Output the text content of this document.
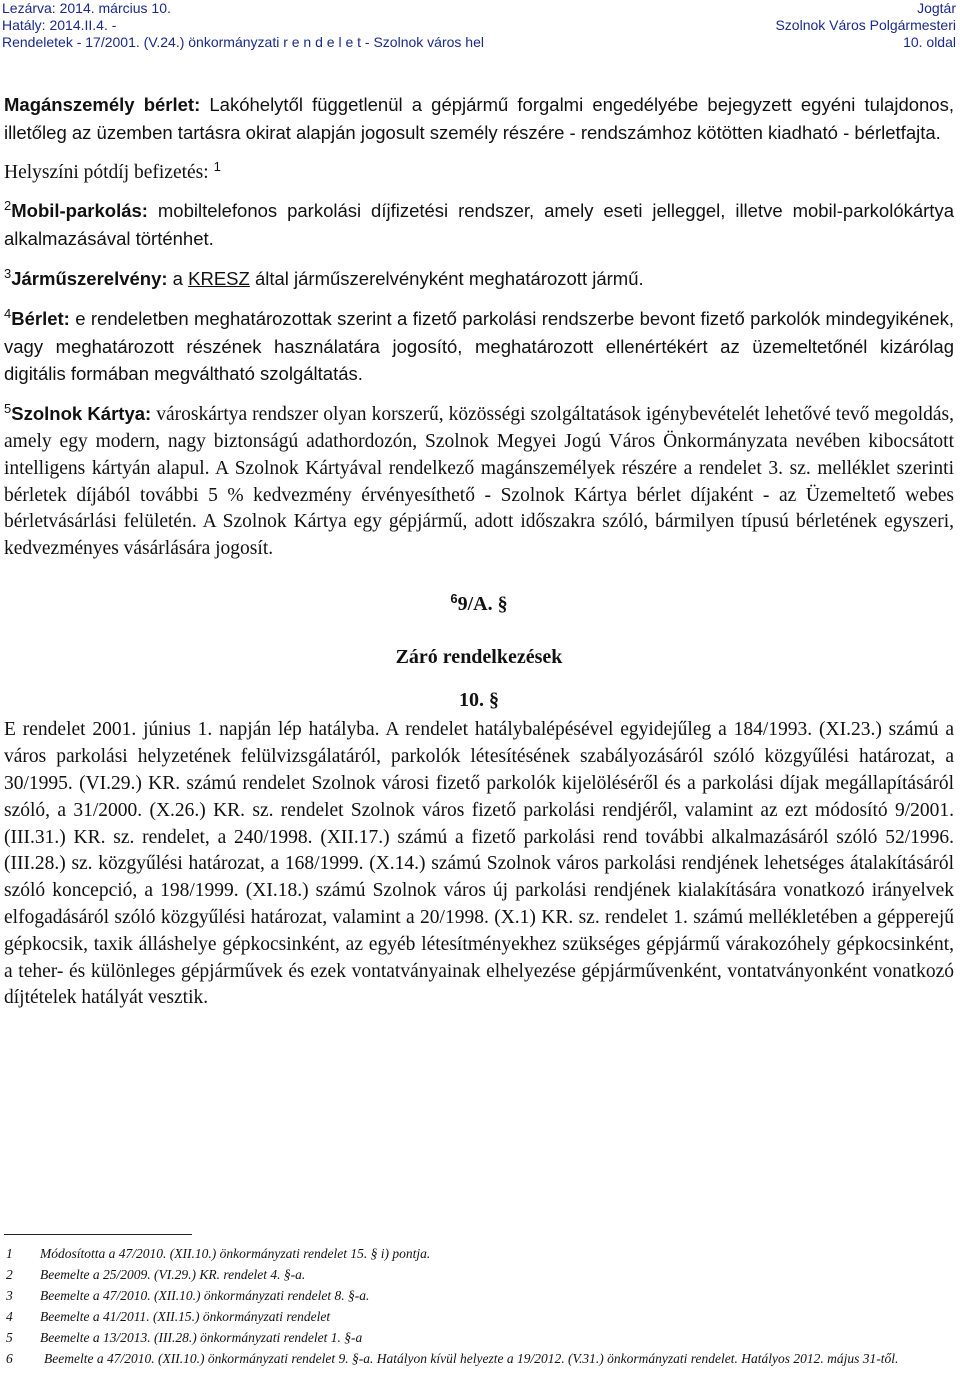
Lezárva: 2014. március 10.
Hatály: 2014.II.4. -
Rendeletek - 17/2001. (V.24.) önkormányzati r e n d e l e t - Szolnok város hel
Jogtár
Szolnok Város Polgármesteri
10. oldal

Magánszemély bérlet: Lakóhelytől függetlenül a gépjármű forgalmi engedélyébe bejegyzett egyéni tulajdonos, illetőleg az üzemben tartásra okirat alapján jogosult személy részére - rendszámhoz kötötten kiadható - bérletfajta.

Helyszíni pótdíj befizetés: $^1$

$^2$Mobil-parkolás: mobiltelefonos parkolási díjfizetési rendszer, amely eseti jelleggel, illetve mobil-parkolókártya alkalmazásával történhet.

$^3$Járműszerelvény: a KRESZ által járműszerelvényként meghatározott jármű.

$^4$Bérlet: e rendeletben meghatározottak szerint a fizető parkolási rendszerbe bevont fizető parkolók mindegyikének, vagy meghatározott részének használatára jogosító, meghatározott ellenértékért az üzemeltetőnél kizárólag digitális formában megváltható szolgáltatás.

$^5$Szolnok Kártya: városkártya rendszer olyan korszerű, közösségi szolgáltatások igénybevételét lehetővé tevő megoldás, amely egy modern, nagy biztonságú adathordozón, Szolnok Megyei Jogú Város Önkormányzata nevében kibocsátott intelligens kártyán alapul. A Szolnok Kártyával rendelkező magánszemélyek részére a rendelet 3. sz. melléklet szerinti bérletek díjából további 5 % kedvezmény érvényesíthető - Szolnok Kártya bérlet díjaként - az Üzemeltető webes bérletvásárlási felületén. A Szolnok Kártya egy gépjármű, adott időszakra szóló, bármilyen típusú bérletének egyszeri, kedvezményes vásárlására jogosít.

$^6$9/A. §

Záró rendelkezések

10. §

E rendelet 2001. június 1. napján lép hatályba. A rendelet hatálybalépésével egyidejűleg a 184/1993. (XI.23.) számú a város parkolási helyzetének felülvizsgálatáról, parkolók létesítésének szabályozásáról szóló közgyűlési határozat, a 30/1995. (VI.29.) KR. számú rendelet Szolnok városi fizető parkolók kijelöléséről és a parkolási díjak megállapításáról szóló, a 31/2000. (X.26.) KR. sz. rendelet Szolnok város fizető parkolási rendjéről, valamint az ezt módosító 9/2001. (III.31.) KR. sz. rendelet, a 240/1998. (XII.17.) számú a fizető parkolási rend további alkalmazásáról szóló 52/1996. (III.28.) sz. közgyűlési határozat, a 168/1999. (X.14.) számú Szolnok város parkolási rendjének lehetséges átalakításáról szóló koncepció, a 198/1999. (XI.18.) számú Szolnok város új parkolási rendjének kialakítására vonatkozó irányelvek elfogadásáról szóló közgyűlési határozat, valamint a 20/1998. (X.1) KR. sz. rendelet 1. számú mellékletében a gépperejű gépkocsik, taxik álláshelye gépkocsinként, az egyéb létesítményekhez szükséges gépjármű várakozóhely gépkocsinként, a teher- és különleges gépjárművek és ezek vontatványainak elhelyezése gépjárművenként, vontatványonként vonatkozó díjtételek hatályát vesztik.

1 Módosította a 47/2010. (XII.10.) önkormányzati rendelet 15. § i) pontja.
2 Beemelte a 25/2009. (VI.29.) KR. rendelet 4. §-a.
3 Beemelte a 47/2010. (XII.10.) önkormányzati rendelet 8. §-a.
4 Beemelte a 41/2011. (XII.15.) önkormányzati rendelet
5 Beemelte a 13/2013. (III.28.) önkormányzati rendelet 1. §-a
6 Beemelte a 47/2010. (XII.10.) önkormányzati rendelet 9. §-a. Hatályon kívül helyezte a 19/2012. (V.31.) önkormányzati rendelet. Hatályos 2012. május 31-től.
